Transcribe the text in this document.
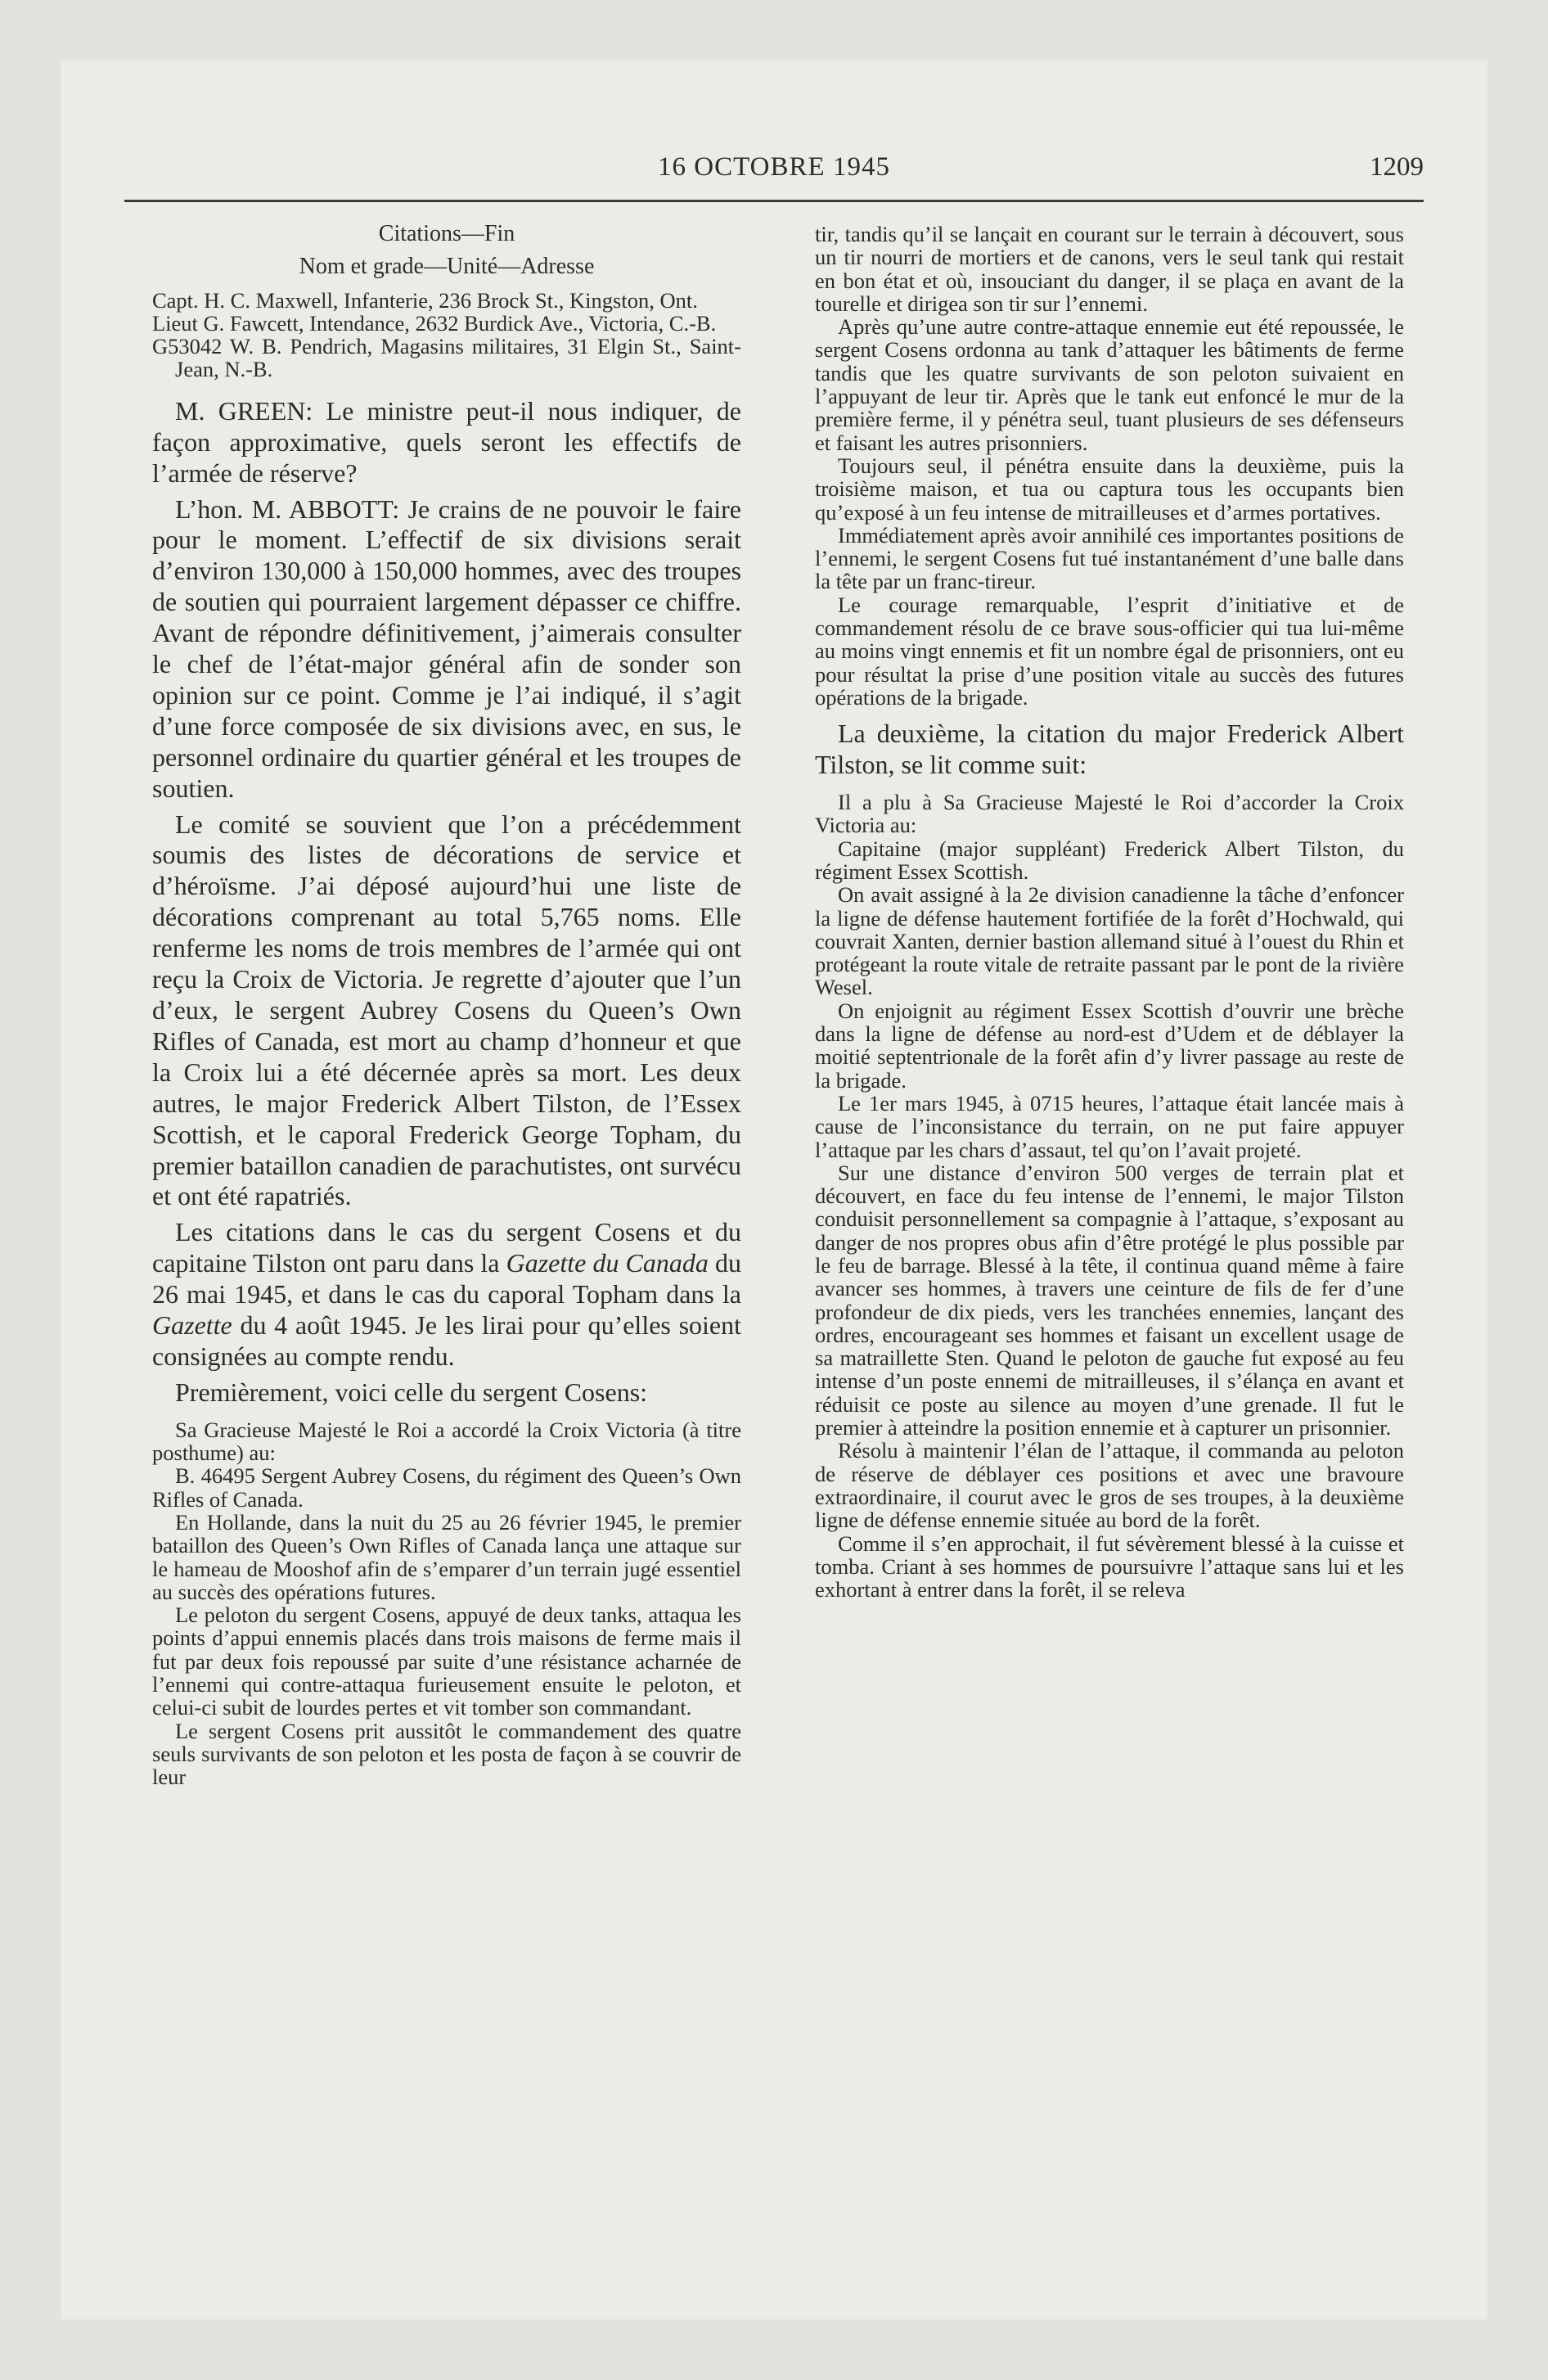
16 OCTOBRE 1945	1209

Citations—Fin

Nom et grade—Unité—Adresse

Capt. H. C. Maxwell, Infanterie, 236 Brock St., Kingston, Ont.

Lieut G. Fawcett, Intendance, 2632 Burdick Ave., Victoria, C.-B.

G53042 W. B. Pendrich, Magasins militaires, 31 Elgin St., Saint-Jean, N.-B.

M. GREEN: Le ministre peut-il nous indiquer, de façon approximative, quels seront les effectifs de l’armée de réserve?

L’hon. M. ABBOTT: Je crains de ne pouvoir le faire pour le moment. L’effectif de six divisions serait d’environ 130,000 à 150,000 hommes, avec des troupes de soutien qui pourraient largement dépasser ce chiffre. Avant de répondre définitivement, j’aimerais consulter le chef de l’état-major général afin de sonder son opinion sur ce point. Comme je l’ai indiqué, il s’agit d’une force composée de six divisions avec, en sus, le personnel ordinaire du quartier général et les troupes de soutien.

Le comité se souvient que l’on a précédemment soumis des listes de décorations de service et d’héroïsme. J’ai déposé aujourd’hui une liste de décorations comprenant au total 5,765 noms. Elle renferme les noms de trois membres de l’armée qui ont reçu la Croix de Victoria. Je regrette d’ajouter que l’un d’eux, le sergent Aubrey Cosens du Queen’s Own Rifles of Canada, est mort au champ d’honneur et que la Croix lui a été décernée après sa mort. Les deux autres, le major Frederick Albert Tilston, de l’Essex Scottish, et le caporal Frederick George Topham, du premier bataillon canadien de parachutistes, ont survécu et ont été rapatriés.

Les citations dans le cas du sergent Cosens et du capitaine Tilston ont paru dans la Gazette du Canada du 26 mai 1945, et dans le cas du caporal Topham dans la Gazette du 4 août 1945. Je les lirai pour qu’elles soient consignées au compte rendu.

Premièrement, voici celle du sergent Cosens:

Sa Gracieuse Majesté le Roi a accordé la Croix Victoria (à titre posthume) au:

B. 46495 Sergent Aubrey Cosens, du régiment des Queen’s Own Rifles of Canada.

En Hollande, dans la nuit du 25 au 26 février 1945, le premier bataillon des Queen’s Own Rifles of Canada lança une attaque sur le hameau de Mooshof afin de s’emparer d’un terrain jugé essentiel au succès des opérations futures.

Le peloton du sergent Cosens, appuyé de deux tanks, attaqua les points d’appui ennemis placés dans trois maisons de ferme mais il fut par deux fois repoussé par suite d’une résistance acharnée de l’ennemi qui contre-attaqua furieusement ensuite le peloton, et celui-ci subit de lourdes pertes et vit tomber son commandant.

Le sergent Cosens prit aussitôt le commandement des quatre seuls survivants de son peloton et les posta de façon à se couvrir de leur

tir, tandis qu’il se lançait en courant sur le terrain à découvert, sous un tir nourri de mortiers et de canons, vers le seul tank qui restait en bon état et où, insouciant du danger, il se plaça en avant de la tourelle et dirigea son tir sur l’ennemi.

Après qu’une autre contre-attaque ennemie eut été repoussée, le sergent Cosens ordonna au tank d’attaquer les bâtiments de ferme tandis que les quatre survivants de son peloton suivaient en l’appuyant de leur tir. Après que le tank eut enfoncé le mur de la première ferme, il y pénétra seul, tuant plusieurs de ses défenseurs et faisant les autres prisonniers.

Toujours seul, il pénétra ensuite dans la deuxième, puis la troisième maison, et tua ou captura tous les occupants bien qu’exposé à un feu intense de mitrailleuses et d’armes portatives.

Immédiatement après avoir annihilé ces importantes positions de l’ennemi, le sergent Cosens fut tué instantanément d’une balle dans la tête par un franc-tireur.

Le courage remarquable, l’esprit d’initiative et de commandement résolu de ce brave sous-officier qui tua lui-même au moins vingt ennemis et fit un nombre égal de prisonniers, ont eu pour résultat la prise d’une position vitale au succès des futures opérations de la brigade.

La deuxième, la citation du major Frederick Albert Tilston, se lit comme suit:

Il a plu à Sa Gracieuse Majesté le Roi d’accorder la Croix Victoria au:

Capitaine (major suppléant) Frederick Albert Tilston, du régiment Essex Scottish.

On avait assigné à la 2e division canadienne la tâche d’enfoncer la ligne de défense hautement fortifiée de la forêt d’Hochwald, qui couvrait Xanten, dernier bastion allemand situé à l’ouest du Rhin et protégeant la route vitale de retraite passant par le pont de la rivière Wesel.

On enjoignit au régiment Essex Scottish d’ouvrir une brèche dans la ligne de défense au nord-est d’Udem et de déblayer la moitié septentrionale de la forêt afin d’y livrer passage au reste de la brigade.

Le 1er mars 1945, à 0715 heures, l’attaque était lancée mais à cause de l’inconsistance du terrain, on ne put faire appuyer l’attaque par les chars d’assaut, tel qu’on l’avait projeté.

Sur une distance d’environ 500 verges de terrain plat et découvert, en face du feu intense de l’ennemi, le major Tilston conduisit personnellement sa compagnie à l’attaque, s’exposant au danger de nos propres obus afin d’être protégé le plus possible par le feu de barrage. Blessé à la tête, il continua quand même à faire avancer ses hommes, à travers une ceinture de fils de fer d’une profondeur de dix pieds, vers les tranchées ennemies, lançant des ordres, encourageant ses hommes et faisant un excellent usage de sa matraillette Sten. Quand le peloton de gauche fut exposé au feu intense d’un poste ennemi de mitrailleuses, il s’élança en avant et réduisit ce poste au silence au moyen d’une grenade. Il fut le premier à atteindre la position ennemie et à capturer un prisonnier.

Résolu à maintenir l’élan de l’attaque, il commanda au peloton de réserve de déblayer ces positions et avec une bravoure extraordinaire, il courut avec le gros de ses troupes, à la deuxième ligne de défense ennemie située au bord de la forêt.

Comme il s’en approchait, il fut sévèrement blessé à la cuisse et tomba. Criant à ses hommes de poursuivre l’attaque sans lui et les exhortant à entrer dans la forêt, il se releva
